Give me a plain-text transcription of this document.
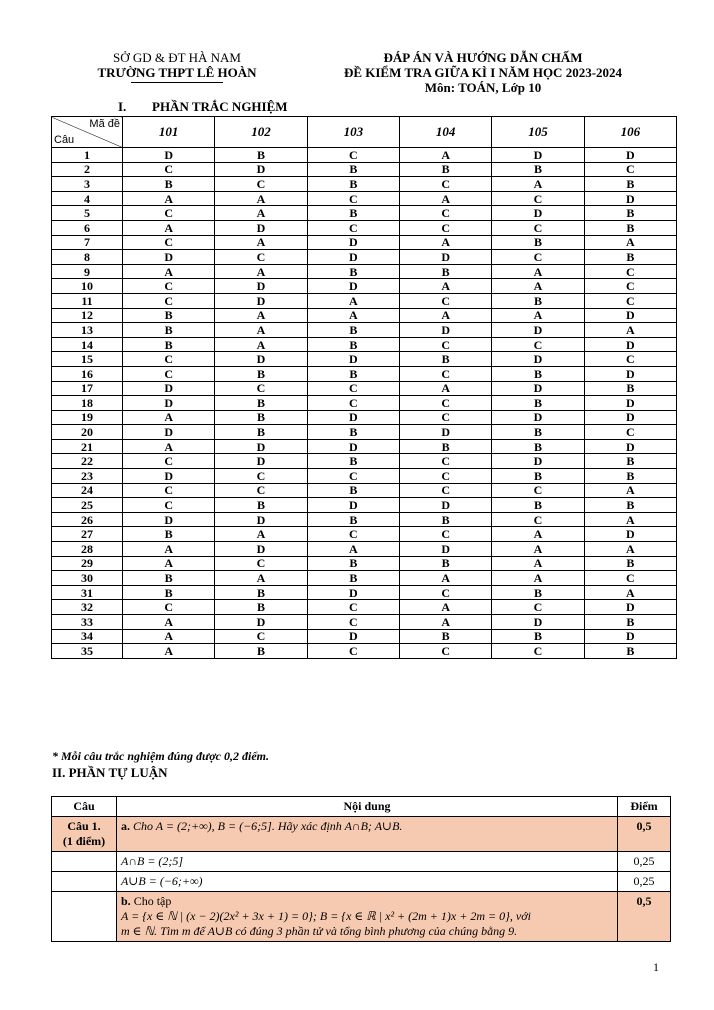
SỞ GD & ĐT HÀ NAM
TRƯỜNG THPT LÊ HOÀN
ĐÁP ÁN VÀ HƯỚNG DẪN CHẤM
ĐỀ KIỂM TRA GIỮA KÌ I NĂM HỌC 2023-2024
Môn: TOÁN, Lớp 10
I. PHẦN TRẮC NGHIỆM
Mã đề
Câu	101	102	103	104	105	106
1	D	B	C	A	D	D
2	C	D	B	B	B	C
3	B	C	B	C	A	B
4	A	A	C	A	C	D
5	C	A	B	C	D	B
6	A	D	C	C	C	B
7	C	A	D	A	B	A
8	D	C	D	D	C	B
9	A	A	B	B	A	C
10	C	D	D	A	A	C
11	C	D	A	C	B	C
12	B	A	A	A	A	D
13	B	A	B	D	D	A
14	B	A	B	C	C	D
15	C	D	D	B	D	C
16	C	B	B	C	B	D
17	D	C	C	A	D	B
18	D	B	C	C	B	D
19	A	B	D	C	D	D
20	D	B	B	D	B	C
21	A	D	D	B	B	D
22	C	D	B	C	D	B
23	D	C	C	C	B	B
24	C	C	B	C	C	A
25	C	B	D	D	B	B
26	D	D	B	B	C	A
27	B	A	C	C	A	D
28	A	D	A	D	A	A
29	A	C	B	B	A	B
30	B	A	B	A	A	C
31	B	B	D	C	B	A
32	C	B	C	A	C	D
33	A	D	C	A	D	B
34	A	C	D	B	B	D
35	A	B	C	C	C	B
* Mỗi câu trắc nghiệm đúng được 0,2 điểm.
II. PHẦN TỰ LUẬN
Câu	Nội dung	Điểm

Câu 1.
(1 điểm)	a. Cho A = (2;+∞), B = (−6;5]. Hãy xác định A∩B; A∪B.	0,5
	A∩B = (2;5]	0,25
	A∪B = (−6;+∞)	0,25

	b. Cho tập
A = {x ∈ ℕ | (x − 2)(2x² + 3x + 1) = 0}; B = {x ∈ ℝ | x² + (2m + 1)x + 2m = 0}, với
m ∈ ℕ. Tìm m để A∪B có đúng 3 phần tử và tổng bình phương của chúng bằng 9.	0,5
1
